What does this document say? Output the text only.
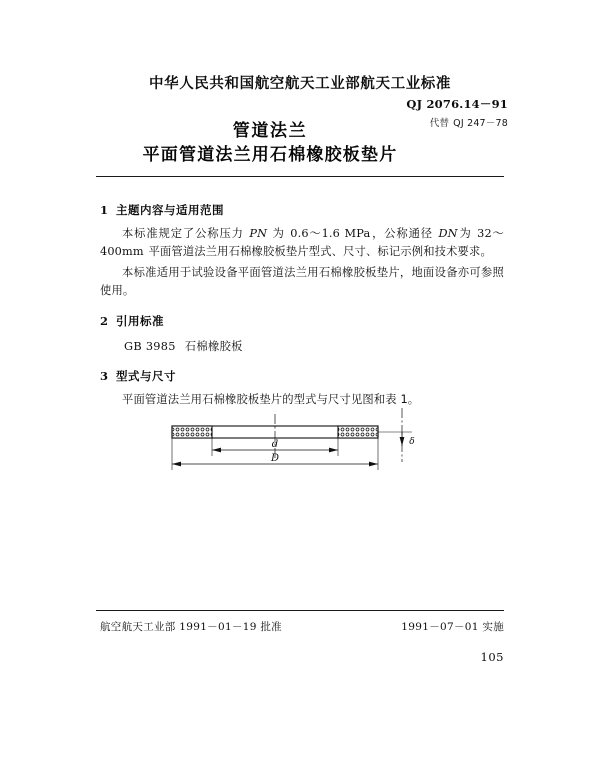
中华人民共和国航空航天工业部航天工业标准
QJ 2076.14－91
代替 QJ 247－78
管道法兰
平面管道法兰用石棉橡胶板垫片
1 主题内容与适用范围
本标准规定了公称压力 PN 为 0.6～1.6 MPa，公称通径 DN为 32～400mm 平面管道法兰用石棉橡胶板垫片型式、尺寸、标记示例和技术要求。
本标准适用于试验设备平面管道法兰用石棉橡胶板垫片，地面设备亦可参照使用。
2 引用标准
GB 3985 石棉橡胶板
3 型式与尺寸
平面管道法兰用石棉橡胶板垫片的型式与尺寸见图和表 1。
d
D
δ
航空航天工业部 1991－01－19 批准	1991－07－01 实施
105
